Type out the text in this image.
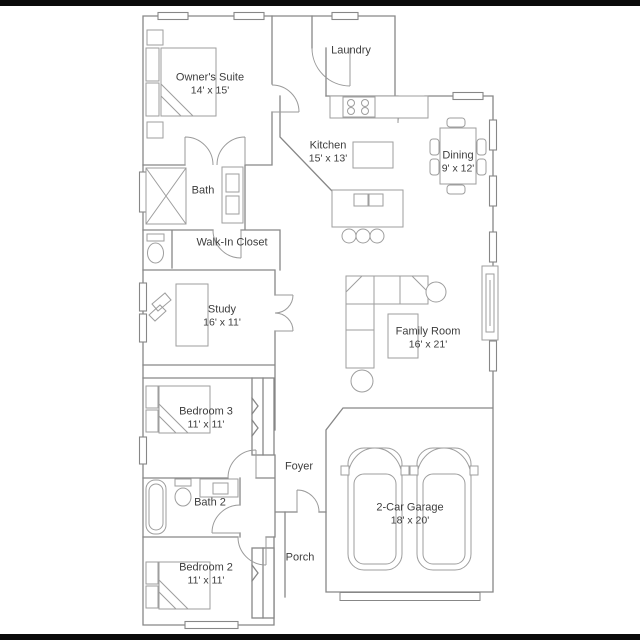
Owner's Suite
14' x 15'
Laundry
Kitchen
15' x 13'	Dining
9' x 12'
Bath
Walk-In Closet
Study
16' x 11'
Family Room
16' x 21'
Bedroom 3
11' x 11'
Foyer
Bath 2
Bedroom 2
11' x 11'
Porch
2-Car Garage
18' x 20'
